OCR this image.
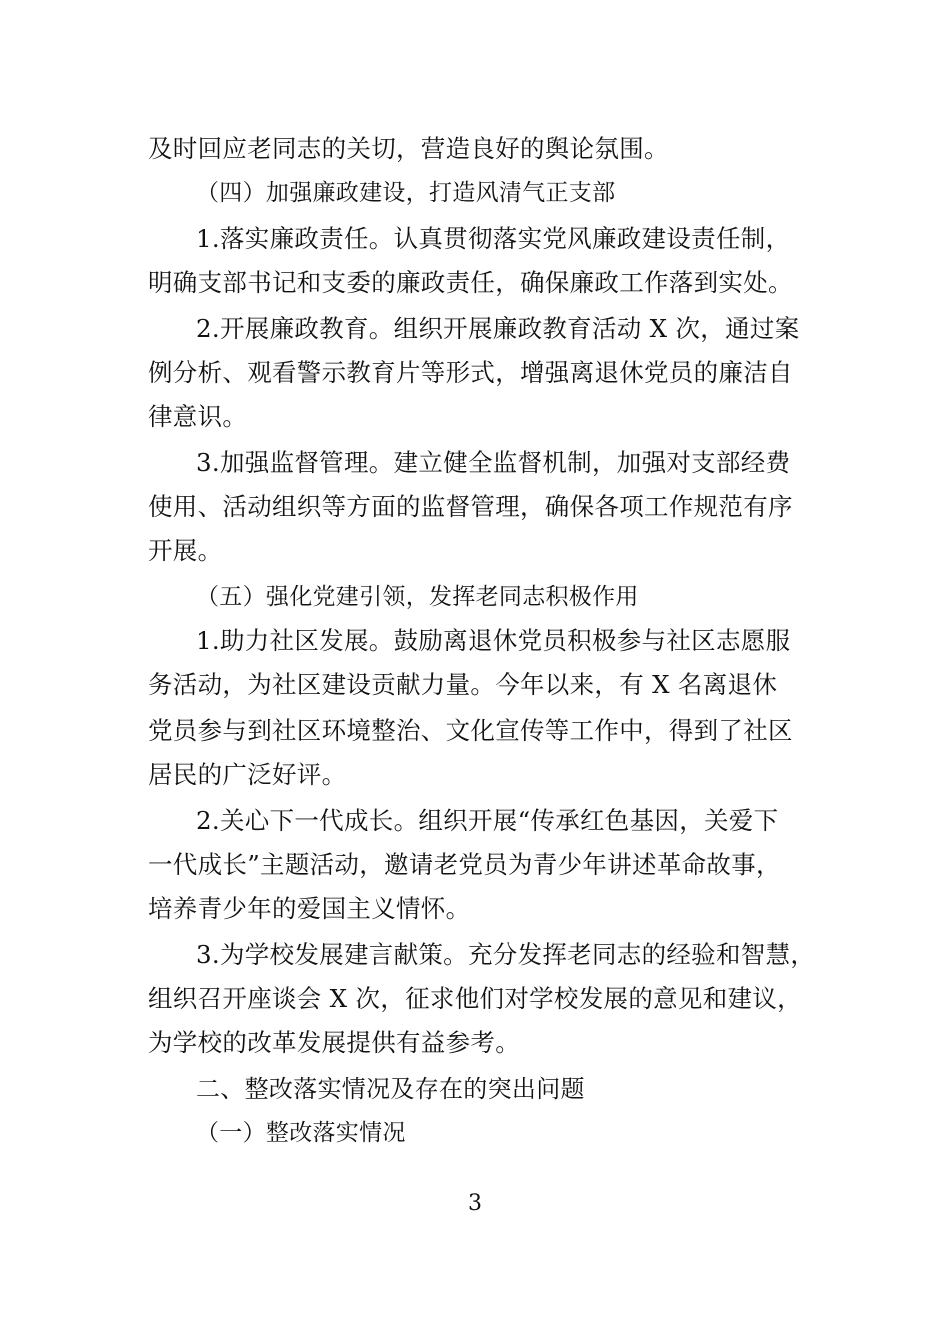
及时回应老同志的关切，营造良好的舆论氛围。
（四）加强廉政建设，打造风清气正支部
1.落实廉政责任。认真贯彻落实党风廉政建设责任制，
明确支部书记和支委的廉政责任，确保廉政工作落到实处。
2.开展廉政教育。组织开展廉政教育活动 X 次，通过案
例分析、观看警示教育片等形式，增强离退休党员的廉洁自
律意识。
3.加强监督管理。建立健全监督机制，加强对支部经费
使用、活动组织等方面的监督管理，确保各项工作规范有序
开展。
（五）强化党建引领，发挥老同志积极作用
1.助力社区发展。鼓励离退休党员积极参与社区志愿服
务活动，为社区建设贡献力量。今年以来，有 X 名离退休
党员参与到社区环境整治、文化宣传等工作中，得到了社区
居民的广泛好评。
2.关心下一代成长。组织开展“传承红色基因，关爱下
一代成长”主题活动，邀请老党员为青少年讲述革命故事，
培养青少年的爱国主义情怀。
3.为学校发展建言献策。充分发挥老同志的经验和智慧，
组织召开座谈会 X 次，征求他们对学校发展的意见和建议，
为学校的改革发展提供有益参考。
二、整改落实情况及存在的突出问题
（一）整改落实情况
3
